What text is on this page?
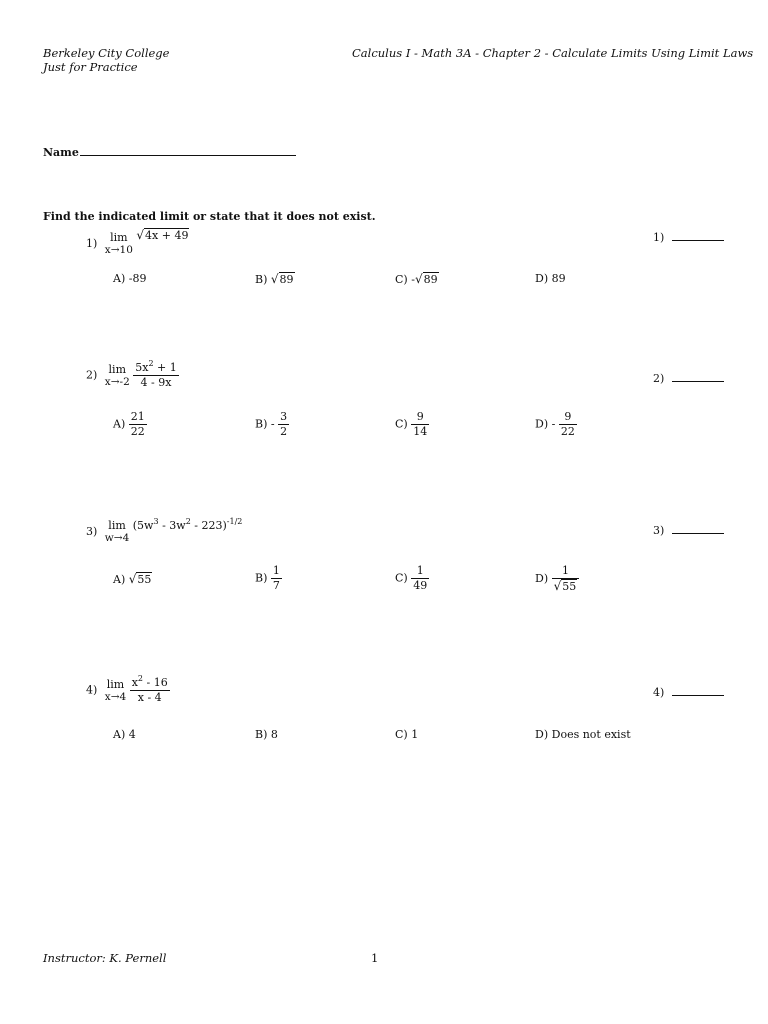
Berkeley City College
Just for Practice
Calculus I - Math 3A - Chapter 2 - Calculate Limits Using Limit Laws
Name
Find the indicated limit or state that it does not exist.
1)	lim
x→10
√4x + 49	1)
A) -89	B) √89	C) -√89	D) 89
2)	lim
x→-2
$\frac{5x^2 + 1}{4 - 9x}$	2)
$A) \frac{21}{22}$	$B) - \frac{3}{2}$	$C) \frac{9}{14}$	$D) - \frac{9}{22}$
3)	lim
w→4
$(5w^3 - 3w^2 - 223)^{-1/2}$
3)
A) √55	$B) \frac{1}{7}$	$C) \frac{1}{49}$	$D) \frac{1}{√55}$
4) lim
x→4
$\frac{x^2 - 16}{x - 4}$	4)
A) 4	B) 8	C) 1	D) Does not exist
Instructor: K. Pernell	1
